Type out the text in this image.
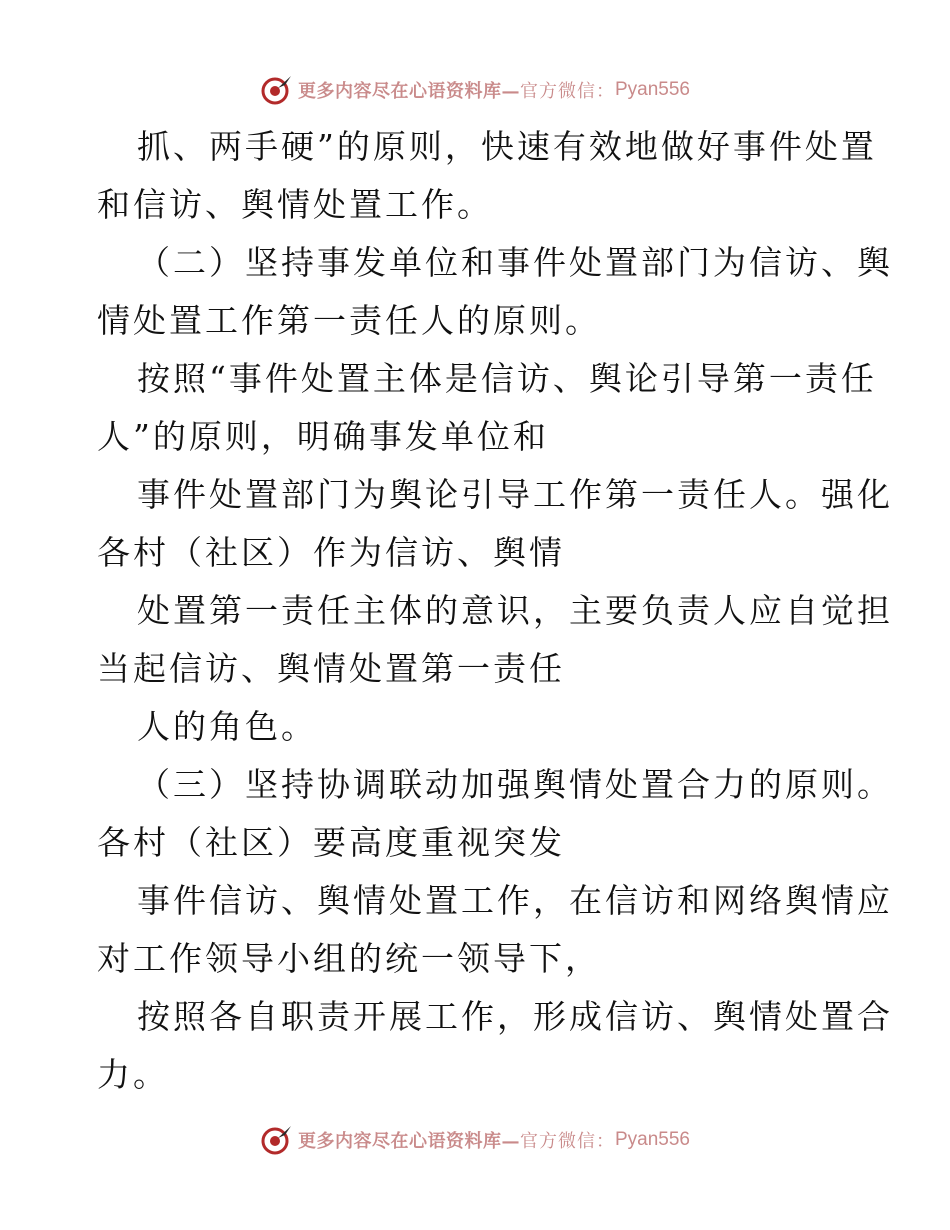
更多内容尽在心语资料库— 官方微信： Pyan556

抓、两手硬”的原则，快速有效地做好事件处置

和信访、舆情处置工作。

（二）坚持事发单位和事件处置部门为信访、舆

情处置工作第一责任人的原则。

按照“事件处置主体是信访、舆论引导第一责任

人”的原则，明确事发单位和

事件处置部门为舆论引导工作第一责任人。强化

各村（社区）作为信访、舆情

处置第一责任主体的意识，主要负责人应自觉担

当起信访、舆情处置第一责任

人的角色。

（三）坚持协调联动加强舆情处置合力的原则。

各村（社区）要高度重视突发

事件信访、舆情处置工作，在信访和网络舆情应

对工作领导小组的统一领导下，

按照各自职责开展工作，形成信访、舆情处置合

力。

更多内容尽在心语资料库— 官方微信： Pyan556
